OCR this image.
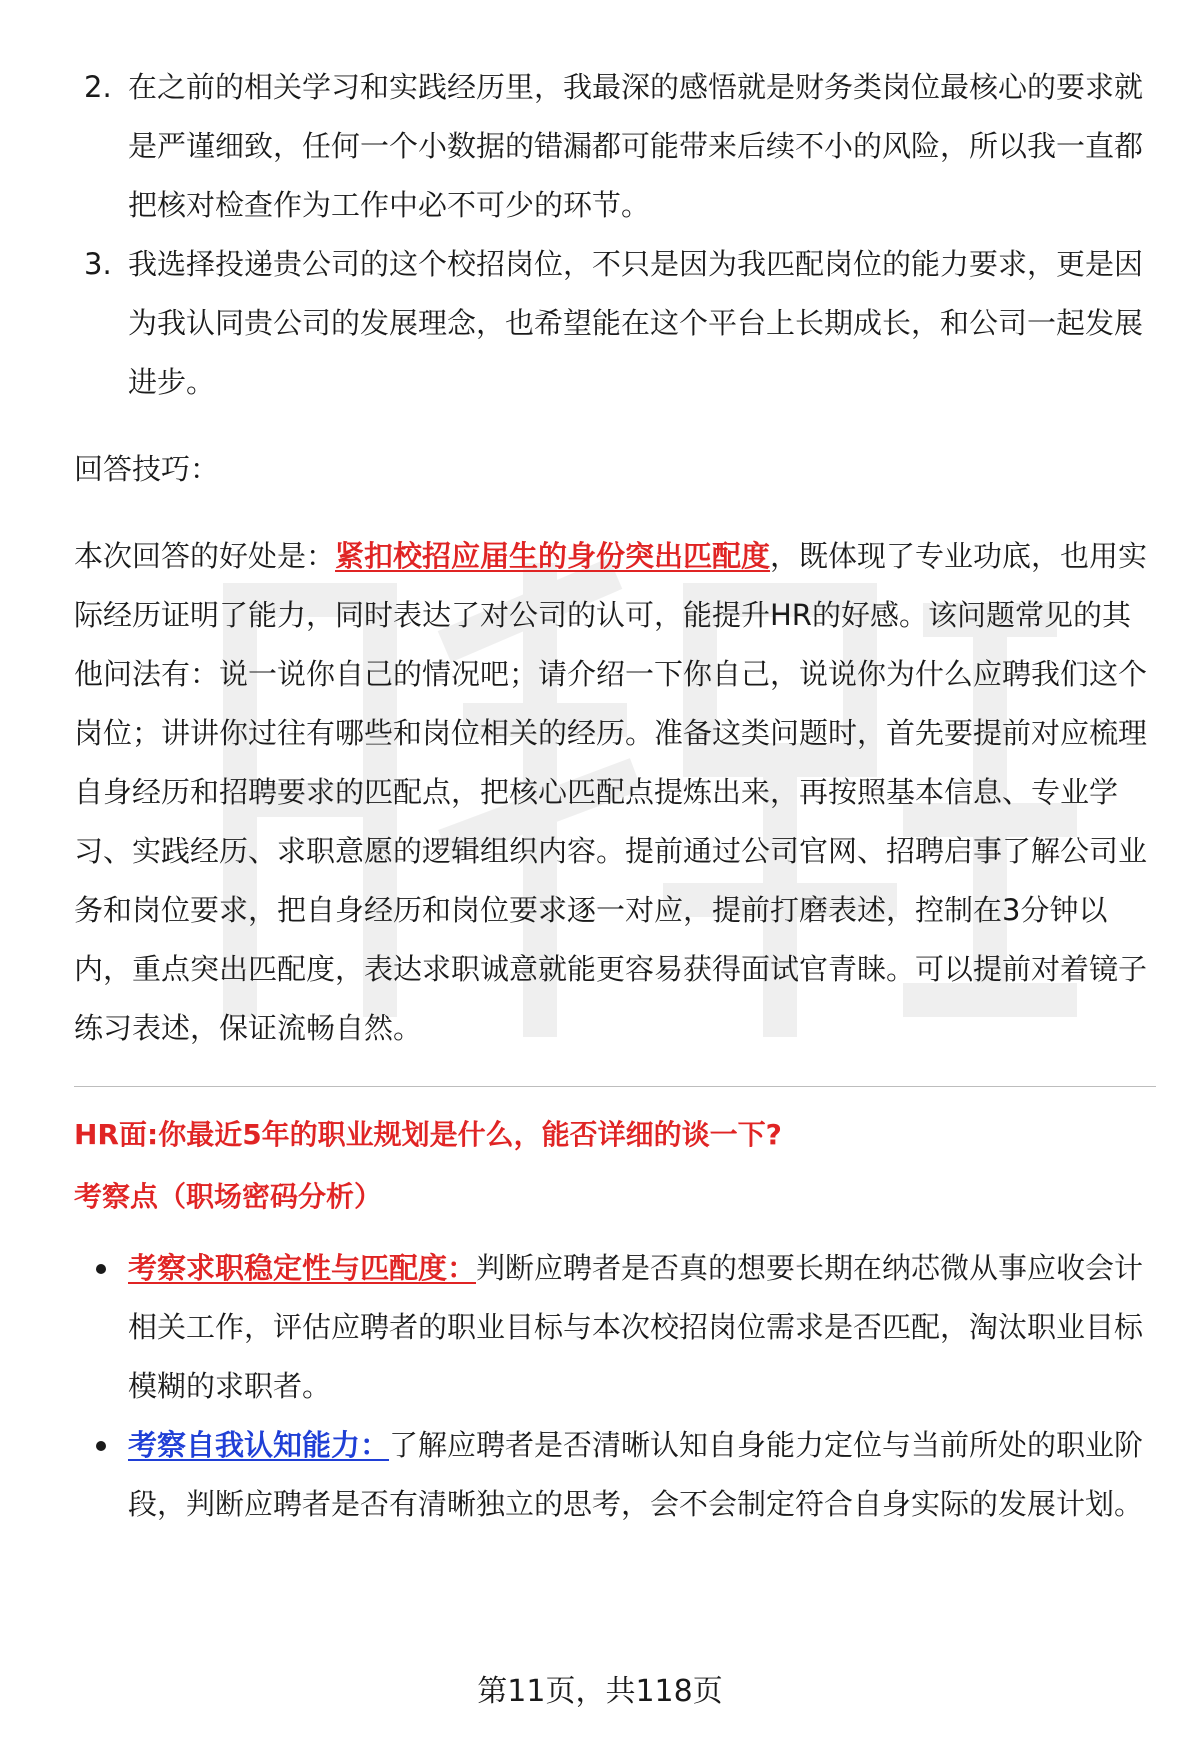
2. 在之前的相关学习和实践经历里，我最深的感悟就是财务类岗位最核心的要求就是严谨细致，任何一个小数据的错漏都可能带来后续不小的风险，所以我一直都把核对检查作为工作中必不可少的环节。
3. 我选择投递贵公司的这个校招岗位，不只是因为我匹配岗位的能力要求，更是因为我认同贵公司的发展理念，也希望能在这个平台上长期成长，和公司一起发展进步。

回答技巧：

本次回答的好处是：紧扣校招应届生的身份突出匹配度，既体现了专业功底，也用实际经历证明了能力，同时表达了对公司的认可，能提升HR的好感。该问题常见的其他问法有：说一说你自己的情况吧；请介绍一下你自己，说说你为什么应聘我们这个岗位；讲讲你过往有哪些和岗位相关的经历。准备这类问题时，首先要提前对应梳理自身经历和招聘要求的匹配点，把核心匹配点提炼出来，再按照基本信息、专业学习、实践经历、求职意愿的逻辑组织内容。提前通过公司官网、招聘启事了解公司业务和岗位要求，把自身经历和岗位要求逐一对应，提前打磨表述，控制在3分钟以内，重点突出匹配度，表达求职诚意就能更容易获得面试官青睐。可以提前对着镜子练习表述，保证流畅自然。

HR面:你最近5年的职业规划是什么，能否详细的谈一下?

考察点（职场密码分析）

考察求职稳定性与匹配度：判断应聘者是否真的想要长期在纳芯微从事应收会计相关工作，评估应聘者的职业目标与本次校招岗位需求是否匹配，淘汰职业目标模糊的求职者。
考察自我认知能力：了解应聘者是否清晰认知自身能力定位与当前所处的职业阶段，判断应聘者是否有清晰独立的思考，会不会制定符合自身实际的发展计划。
第11页，共118页
